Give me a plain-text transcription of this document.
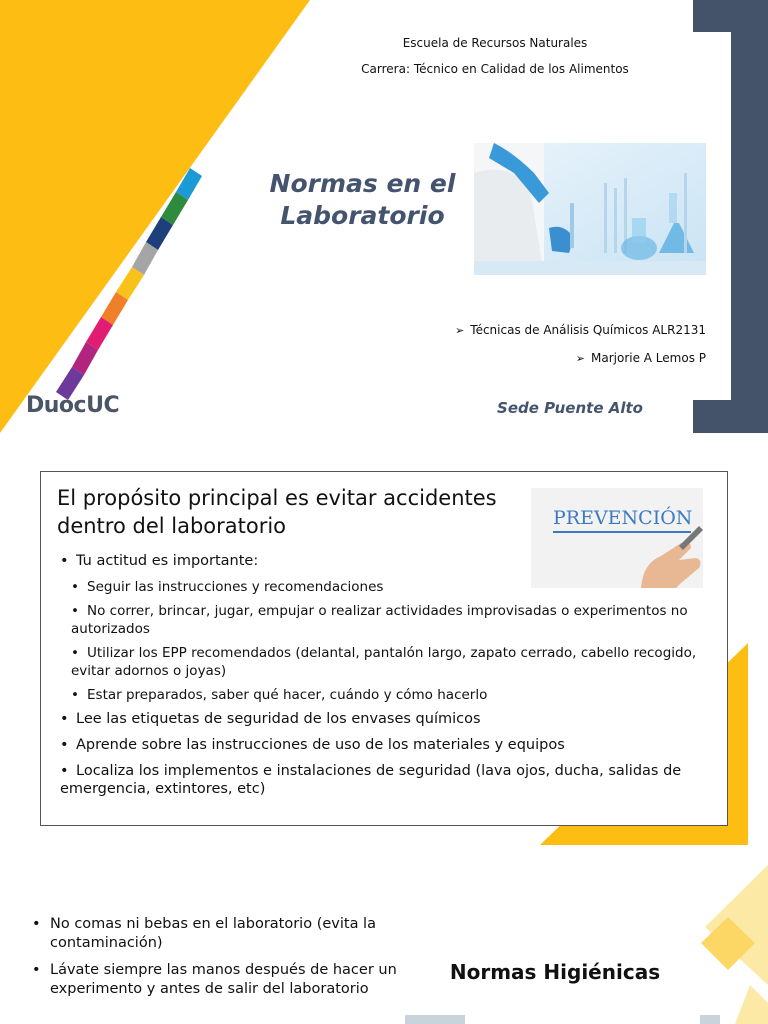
Escuela de Recursos Naturales
Carrera: Técnico en Calidad de los Alimentos
Normas en el
Laboratorio
➢ Técnicas de Análisis Químicos ALR2131
➢ Marjorie A Lemos P
DuocUC	Sede Puente Alto
El propósito principal es evitar accidentes dentro del laboratorio	PREVENCIÓN
• Tu actitud es importante:
• Seguir las instrucciones y recomendaciones
• No correr, brincar, jugar, empujar o realizar actividades improvisadas o experimentos no autorizados
• Utilizar los EPP recomendados (delantal, pantalón largo, zapato cerrado, cabello recogido, evitar adornos o joyas)
• Estar preparados, saber qué hacer, cuándo y cómo hacerlo
• Lee las etiquetas de seguridad de los envases químicos
• Aprende sobre las instrucciones de uso de los materiales y equipos
• Localiza los implementos e instalaciones de seguridad (lava ojos, ducha, salidas de emergencia, extintores, etc)
• No comas ni bebas en el laboratorio (evita la contaminación)
• Lávate siempre las manos después de hacer un experimento y antes de salir del laboratorio
Normas Higiénicas
